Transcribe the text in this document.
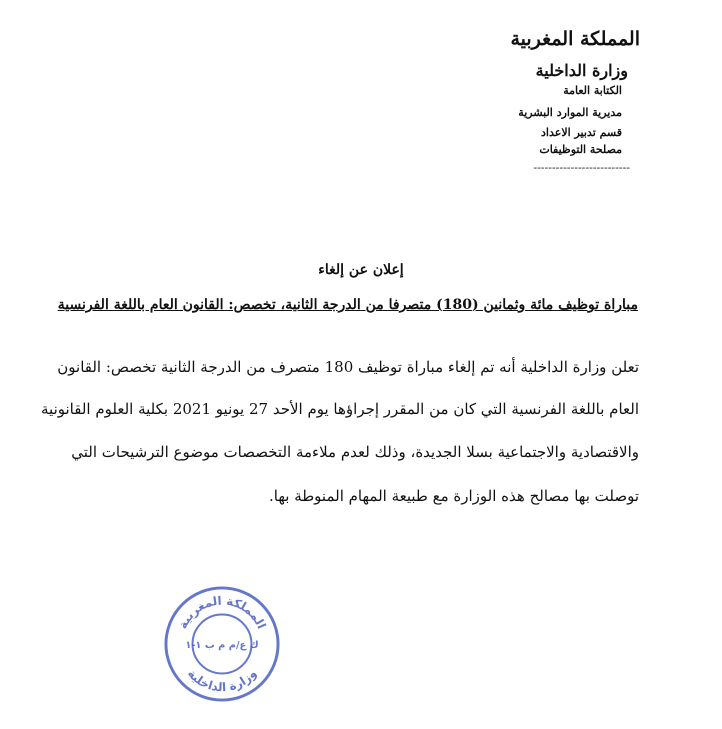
المملكة المغربية
وزارة الداخلية
الكتابة العامة
مديرية الموارد البشرية
قسم تدبير الاعداد
مصلحة التوظيفات
--------------------------
إعلان عن إلغاء
مباراة توظيف مائة وثمانين (180) متصرفا من الدرجة الثانية، تخصص: القانون العام باللغة الفرنسية
تعلن وزارة الداخلية أنه تم إلغاء مباراة توظيف 180 متصرف من الدرجة الثانية تخصص: القانون
العام باللغة الفرنسية التي كان من المقرر إجراؤها يوم الأحد 27 يونيو 2021 بكلية العلوم القانونية
والاقتصادية والاجتماعية بسلا الجديدة، وذلك لعدم ملاءمة التخصصات موضوع الترشيحات التي
توصلت بها مصالح هذه الوزارة مع طبيعة المهام المنوطة بها.
المملكة المغربية
وزارة الداخلية
ك ع/م م ب ١-١
